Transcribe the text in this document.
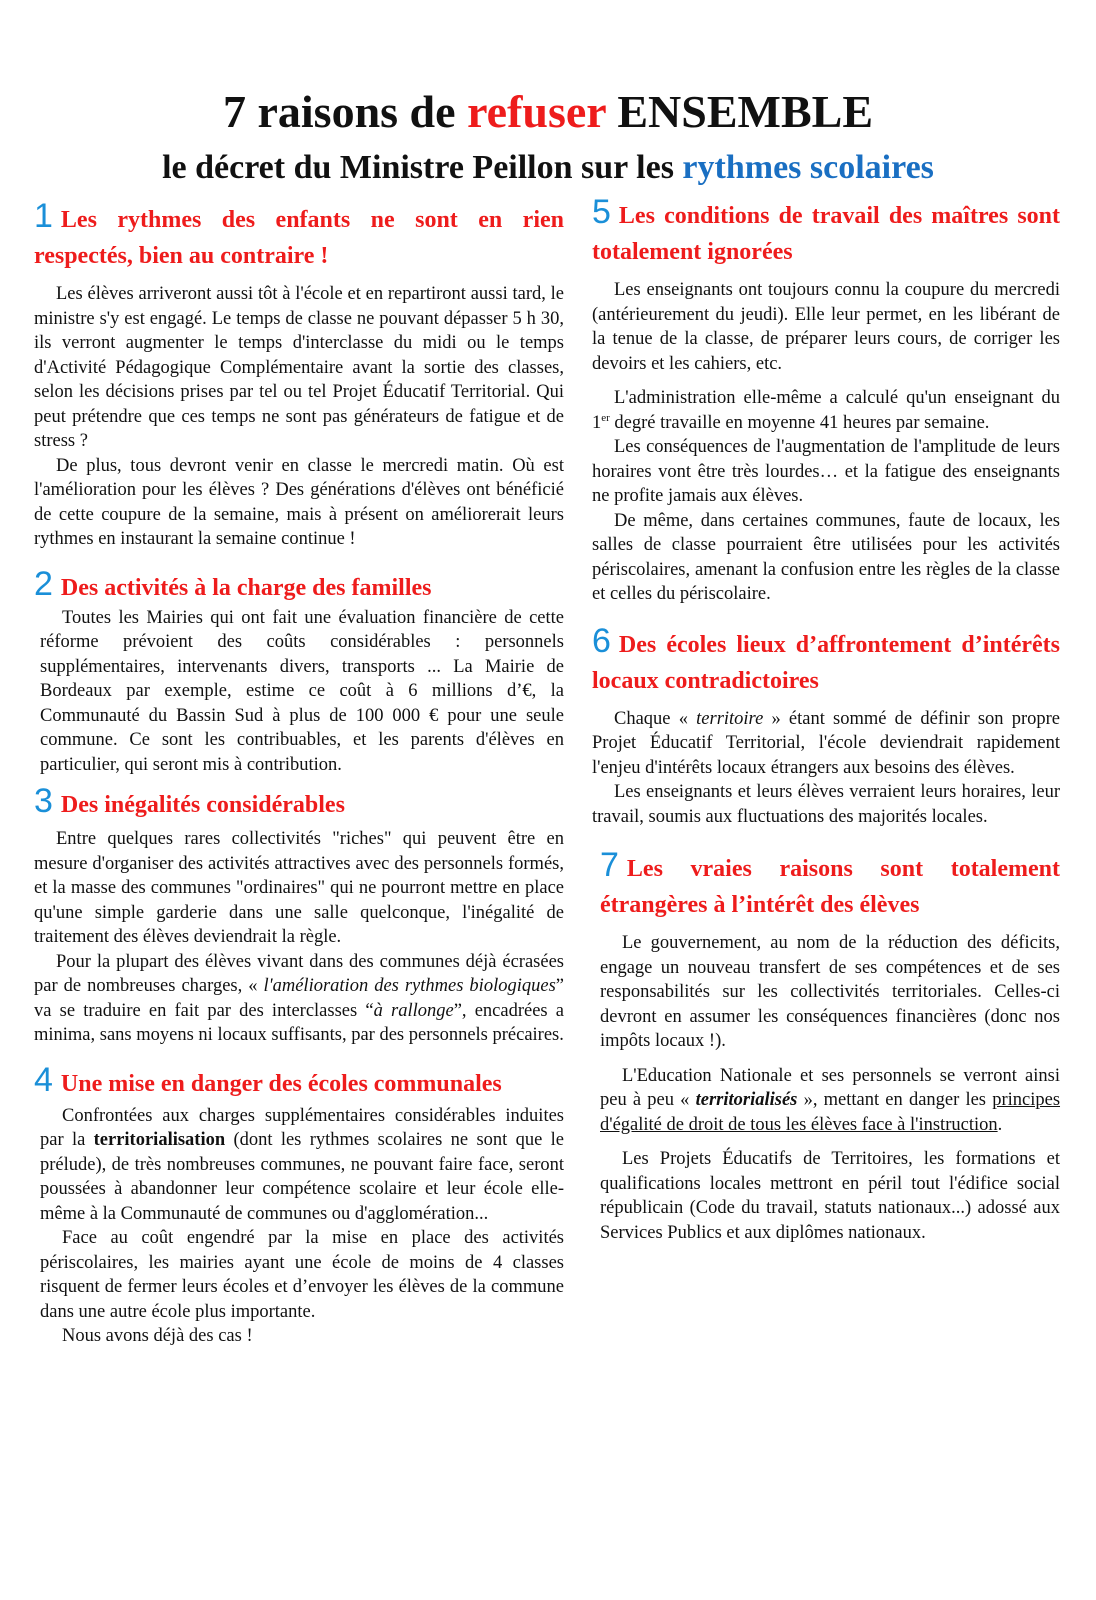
7 raisons de refuser ENSEMBLE
le décret du Ministre Peillon sur les rythmes scolaires

1 Les rythmes des enfants ne sont en rien respectés, bien au contraire !

Les élèves arriveront aussi tôt à l'école et en repartiront aussi tard, le ministre s'y est engagé. Le temps de classe ne pouvant dépasser 5 h 30, ils verront augmenter le temps d'interclasse du midi ou le temps d'Activité Pédagogique Complémentaire avant la sortie des classes, selon les décisions prises par tel ou tel Projet Éducatif Territorial. Qui peut prétendre que ces temps ne sont pas générateurs de fatigue et de stress ?

De plus, tous devront venir en classe le mercredi matin. Où est l'amélioration pour les élèves ? Des générations d'élèves ont bénéficié de cette coupure de la semaine, mais à présent on améliorerait leurs rythmes en instaurant la semaine continue !

2 Des activités à la charge des familles

Toutes les Mairies qui ont fait une évaluation financière de cette réforme prévoient des coûts considérables : personnels supplémentaires, intervenants divers, transports ... La Mairie de Bordeaux par exemple, estime ce coût à 6 millions d’€, la Communauté du Bassin Sud à plus de 100 000 € pour une seule commune. Ce sont les contribuables, et les parents d'élèves en particulier, qui seront mis à contribution.

3 Des inégalités considérables

Entre quelques rares collectivités "riches" qui peuvent être en mesure d'organiser des activités attractives avec des personnels formés, et la masse des communes "ordinaires" qui ne pourront mettre en place qu'une simple garderie dans une salle quelconque, l'inégalité de traitement des élèves deviendrait la règle.

Pour la plupart des élèves vivant dans des communes déjà écrasées par de nombreuses charges, « l'amélioration des rythmes biologiques” va se traduire en fait par des interclasses “à rallonge”, encadrées a minima, sans moyens ni locaux suffisants, par des personnels précaires.

4 Une mise en danger des écoles communales

Confrontées aux charges supplémentaires considérables induites par la territorialisation (dont les rythmes scolaires ne sont que le prélude), de très nombreuses communes, ne pouvant faire face, seront poussées à abandonner leur compétence scolaire et leur école elle-même à la Communauté de communes ou d'agglomération...

Face au coût engendré par la mise en place des activités périscolaires, les mairies ayant une école de moins de 4 classes risquent de fermer leurs écoles et d’envoyer les élèves de la commune dans une autre école plus importante.

Nous avons déjà des cas !

5 Les conditions de travail des maîtres sont totalement ignorées

Les enseignants ont toujours connu la coupure du mercredi (antérieurement du jeudi). Elle leur permet, en les libérant de la tenue de la classe, de préparer leurs cours, de corriger les devoirs et les cahiers, etc.

L'administration elle-même a calculé qu'un enseignant du 1er degré travaille en moyenne 41 heures par semaine.

Les conséquences de l'augmentation de l'amplitude de leurs horaires vont être très lourdes… et la fatigue des enseignants ne profite jamais aux élèves.

De même, dans certaines communes, faute de locaux, les salles de classe pourraient être utilisées pour les activités périscolaires, amenant la confusion entre les règles de la classe et celles du périscolaire.

6 Des écoles lieux d’affrontement d’intérêts locaux contradictoires

Chaque « territoire » étant sommé de définir son propre Projet Éducatif Territorial, l'école deviendrait rapidement l'enjeu d'intérêts locaux étrangers aux besoins des élèves.

Les enseignants et leurs élèves verraient leurs horaires, leur travail, soumis aux fluctuations des majorités locales.

7 Les vraies raisons sont totalement étrangères à l’intérêt des élèves

Le gouvernement, au nom de la réduction des déficits, engage un nouveau transfert de ses compétences et de ses responsabilités sur les collectivités territoriales. Celles-ci devront en assumer les conséquences financières (donc nos impôts locaux !).

L'Education Nationale et ses personnels se verront ainsi peu à peu « territorialisés », mettant en danger les principes d'égalité de droit de tous les élèves face à l'instruction.

Les Projets Éducatifs de Territoires, les formations et qualifications locales mettront en péril tout l'édifice social républicain (Code du travail, statuts nationaux...) adossé aux Services Publics et aux diplômes nationaux.
